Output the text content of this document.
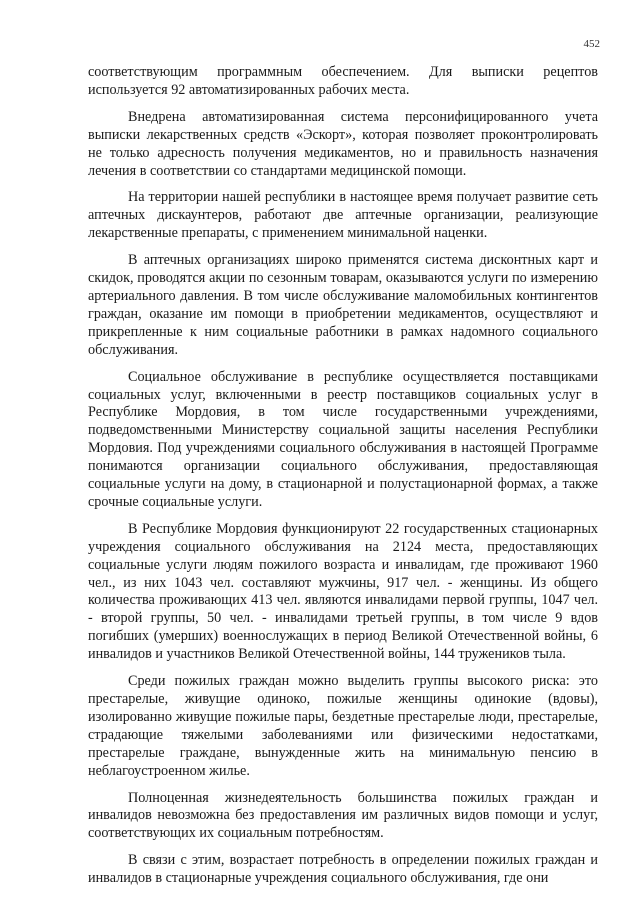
452

соответствующим программным обеспечением. Для выписки рецептов используется 92 автоматизированных рабочих места.

Внедрена автоматизированная система персонифицированного учета выписки лекарственных средств «Эскорт», которая позволяет проконтролировать не только адресность получения медикаментов, но и правильность назначения лечения в соответствии со стандартами медицинской помощи.

На территории нашей республики в настоящее время получает развитие сеть аптечных дискаунтеров, работают две аптечные организации, реализующие лекарственные препараты, с применением минимальной наценки.

В аптечных организациях широко применятся система дисконтных карт и скидок, проводятся акции по сезонным товарам, оказываются услуги по измерению артериального давления. В том числе обслуживание маломобильных контингентов граждан, оказание им помощи в приобретении медикаментов, осуществляют и прикрепленные к ним социальные работники в рамках надомного социального обслуживания.

Социальное обслуживание в республике осуществляется поставщиками социальных услуг, включенными в реестр поставщиков социальных услуг в Республике Мордовия, в том числе государственными учреждениями, подведомственными Министерству социальной защиты населения Республики Мордовия. Под учреждениями социального обслуживания в настоящей Программе понимаются организации социального обслуживания, предоставляющая социальные услуги на дому, в стационарной и полустационарной формах, а также срочные социальные услуги.

В Республике Мордовия функционируют 22 государственных стационарных учреждения социального обслуживания на 2124 места, предоставляющих социальные услуги людям пожилого возраста и инвалидам, где проживают 1960 чел., из них 1043 чел. составляют мужчины, 917 чел. - женщины. Из общего количества проживающих 413 чел. являются инвалидами первой группы, 1047 чел. - второй группы, 50 чел. - инвалидами третьей группы, в том числе 9 вдов погибших (умерших) военнослужащих в период Великой Отечественной войны, 6 инвалидов и участников Великой Отечественной войны, 144 тружеников тыла.

Среди пожилых граждан можно выделить группы высокого риска: это престарелые, живущие одиноко, пожилые женщины одинокие (вдовы), изолированно живущие пожилые пары, бездетные престарелые люди, престарелые, страдающие тяжелыми заболеваниями или физическими недостатками, престарелые граждане, вынужденные жить на минимальную пенсию в неблагоустроенном жилье.

Полноценная жизнедеятельность большинства пожилых граждан и инвалидов невозможна без предоставления им различных видов помощи и услуг, соответствующих их социальным потребностям.

В связи с этим, возрастает потребность в определении пожилых граждан и инвалидов в стационарные учреждения социального обслуживания, где они
